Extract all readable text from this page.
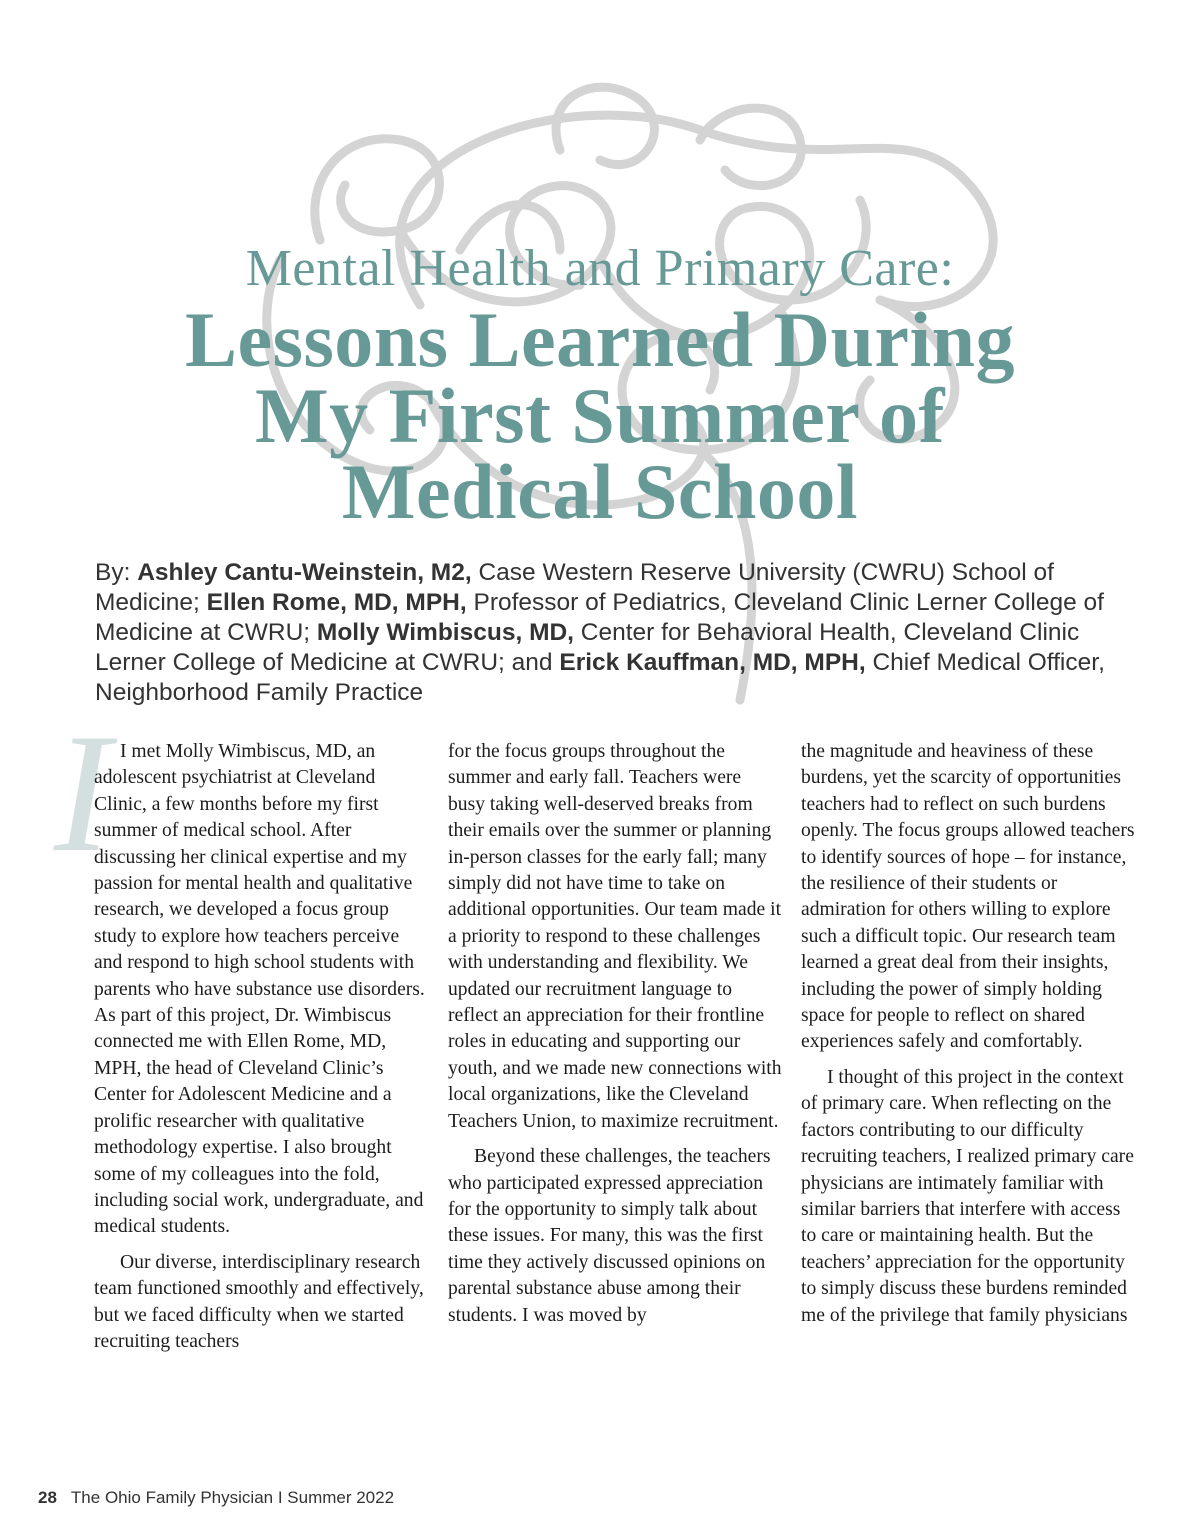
Mental Health and Primary Care:
Lessons Learned During
My First Summer of
Medical School
By: Ashley Cantu-Weinstein, M2, Case Western Reserve University (CWRU) School of Medicine; Ellen Rome, MD, MPH, Professor of Pediatrics, Cleveland Clinic Lerner College of Medicine at CWRU; Molly Wimbiscus, MD, Center for Behavioral Health, Cleveland Clinic Lerner College of Medicine at CWRU; and Erick Kauffman, MD, MPH, Chief Medical Officer, Neighborhood Family Practice
I I met Molly Wimbiscus, MD, an adolescent psychiatrist at Cleveland Clinic, a few months before my first summer of medical school. After discussing her clinical expertise and my passion for mental health and qualitative research, we developed a focus group study to explore how teachers perceive and respond to high school students with parents who have substance use disorders. As part of this project, Dr. Wimbiscus connected me with Ellen Rome, MD, MPH, the head of Cleveland Clinic’s Center for Adolescent Medicine and a prolific researcher with qualitative methodology expertise. I also brought some of my colleagues into the fold, including social work, undergraduate, and medical students.

Our diverse, interdisciplinary research team functioned smoothly and effectively, but we faced difficulty when we started recruiting teachers

for the focus groups throughout the summer and early fall. Teachers were busy taking well-deserved breaks from their emails over the summer or planning in-person classes for the early fall; many simply did not have time to take on additional opportunities. Our team made it a priority to respond to these challenges with understanding and flexibility. We updated our recruitment language to reflect an appreciation for their frontline roles in educating and supporting our youth, and we made new connections with local organizations, like the Cleveland Teachers Union, to maximize recruitment.

Beyond these challenges, the teachers who participated expressed appreciation for the opportunity to simply talk about these issues. For many, this was the first time they actively discussed opinions on parental substance abuse among their students. I was moved by

the magnitude and heaviness of these burdens, yet the scarcity of opportunities teachers had to reflect on such burdens openly. The focus groups allowed teachers to identify sources of hope – for instance, the resilience of their students or admiration for others willing to explore such a difficult topic. Our research team learned a great deal from their insights, including the power of simply holding space for people to reflect on shared experiences safely and comfortably.

I thought of this project in the context of primary care. When reflecting on the factors contributing to our difficulty recruiting teachers, I realized primary care physicians are intimately familiar with similar barriers that interfere with access to care or maintaining health. But the teachers’ appreciation for the opportunity to simply discuss these burdens reminded me of the privilege that family physicians

28 The Ohio Family Physician I Summer 2022
